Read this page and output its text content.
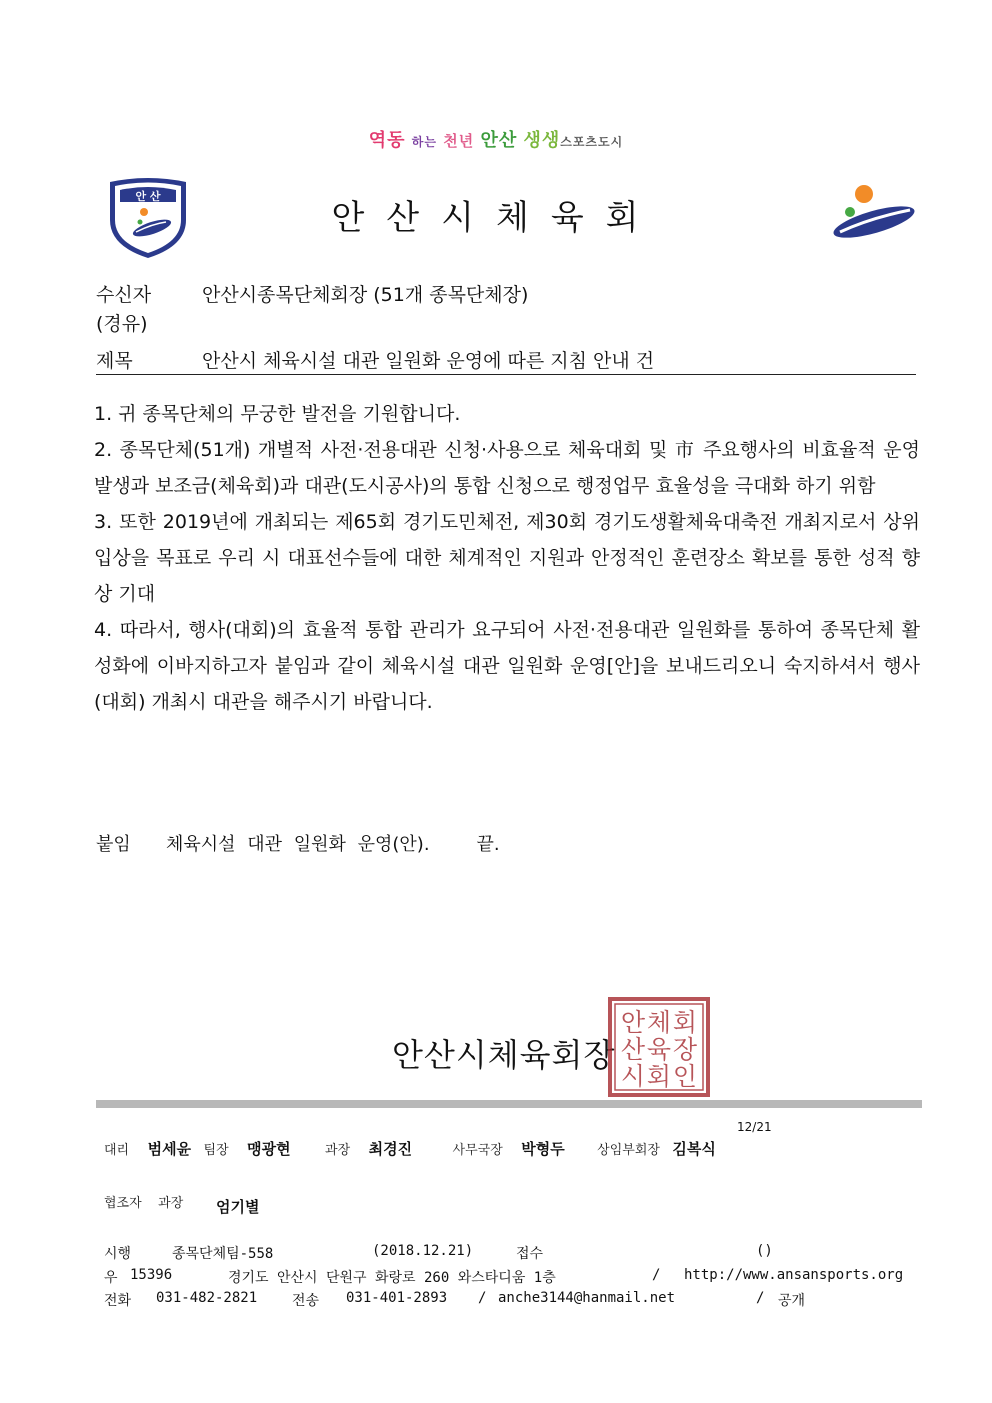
역동 하는 천년 안산 생생스포츠도시
안 산
안산시체육회
수신자	안산시종목단체회장 (51개 종목단체장)
(경유)
제목	안산시 체육시설 대관 일원화 운영에 따른 지침 안내 건

1. 귀 종목단체의 무궁한 발전을 기원합니다.

2. 종목단체(51개) 개별적 사전·전용대관 신청·사용으로 체육대회 및 市 주요행사의 비효율적 운영 발생과 보조금(체육회)과 대관(도시공사)의 통합 신청으로 행정업무 효율성을 극대화 하기 위함

3. 또한 2019년에 개최되는 제65회 경기도민체전, 제30회 경기도생활체육대축전 개최지로서 상위 입상을 목표로 우리 시 대표선수들에 대한 체계적인 지원과 안정적인 훈련장소 확보를 통한 성적 향상 기대

4. 따라서, 행사(대회)의 효율적 통합 관리가 요구되어 사전·전용대관 일원화를 통하여 종목단체 활성화에 이바지하고자 붙임과 같이 체육시설 대관 일원화 운영[안]을 보내드리오니 숙지하셔서 행사(대회) 개최시 대관을 해주시기 바랍니다.

붙임 체육시설 대관 일원화 운영(안).	끝.
안산시체육회장
안 체 회
산 육 장
시 회 인
12/21
대리 범세윤 팀장 맹광현	과장 최경진	사무국장 박형두 상임부회장 김복식
협조자 과장 엄기별
시행	종목단체팀-558	(2018.12.21)	접수	()
우 15396	경기도 안산시 단원구 화랑로 260 와스타디움 1층	/ http://www.ansansports.org
전화 031-482-2821 전송 031-401-2893 / anche3144@hanmail.net	/ 공개
